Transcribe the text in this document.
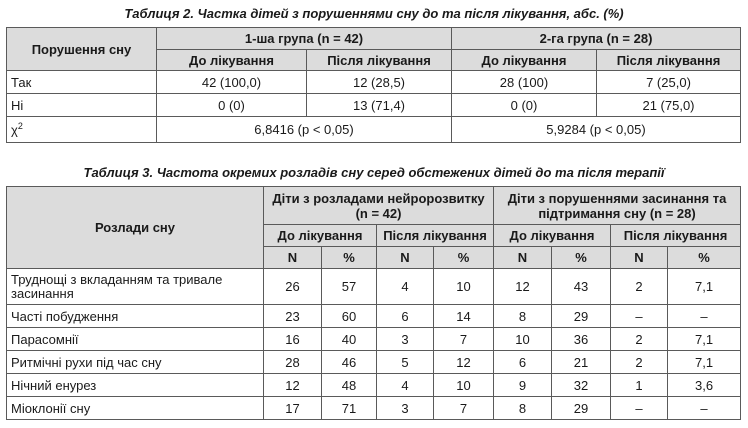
Таблиця 2. Частка дітей з порушеннями сну до та після лікування, абс. (%)
Порушення сну	1-ша група (n = 42)		2-га група (n = 28)	
	До лікування	Після лікування	До лікування	Після лікування
Так	42 (100,0)	12 (28,5)	28 (100)	7 (25,0)
Ні	0 (0)	13 (71,4)	0 (0)	21 (75,0)
$\chi^2$	6,8416 (p < 0,05)		5,9284 (p < 0,05)	
Таблиця 3. Частота окремих розладів сну серед обстежених дітей до та після терапії
Розлади сну	Діти з розладами нейророзвитку (n = 42)				Діти з порушеннями засинання та підтримання сну (n = 28)			
	До лікування		Після лікування		До лікування		Після лікування	
	N	%	N	%	N	%	N	%
Труднощі з вкладанням та тривале засинання	26	57	4	10	12	43	2	7,1
Часті побудження	23	60	6	14	8	29	–	–
Парасомнії	16	40	3	7	10	36	2	7,1
Ритмічні рухи під час сну	28	46	5	12	6	21	2	7,1
Нічний енурез	12	48	4	10	9	32	1	3,6
Міоклонії сну	17	71	3	7	8	29	–	–
